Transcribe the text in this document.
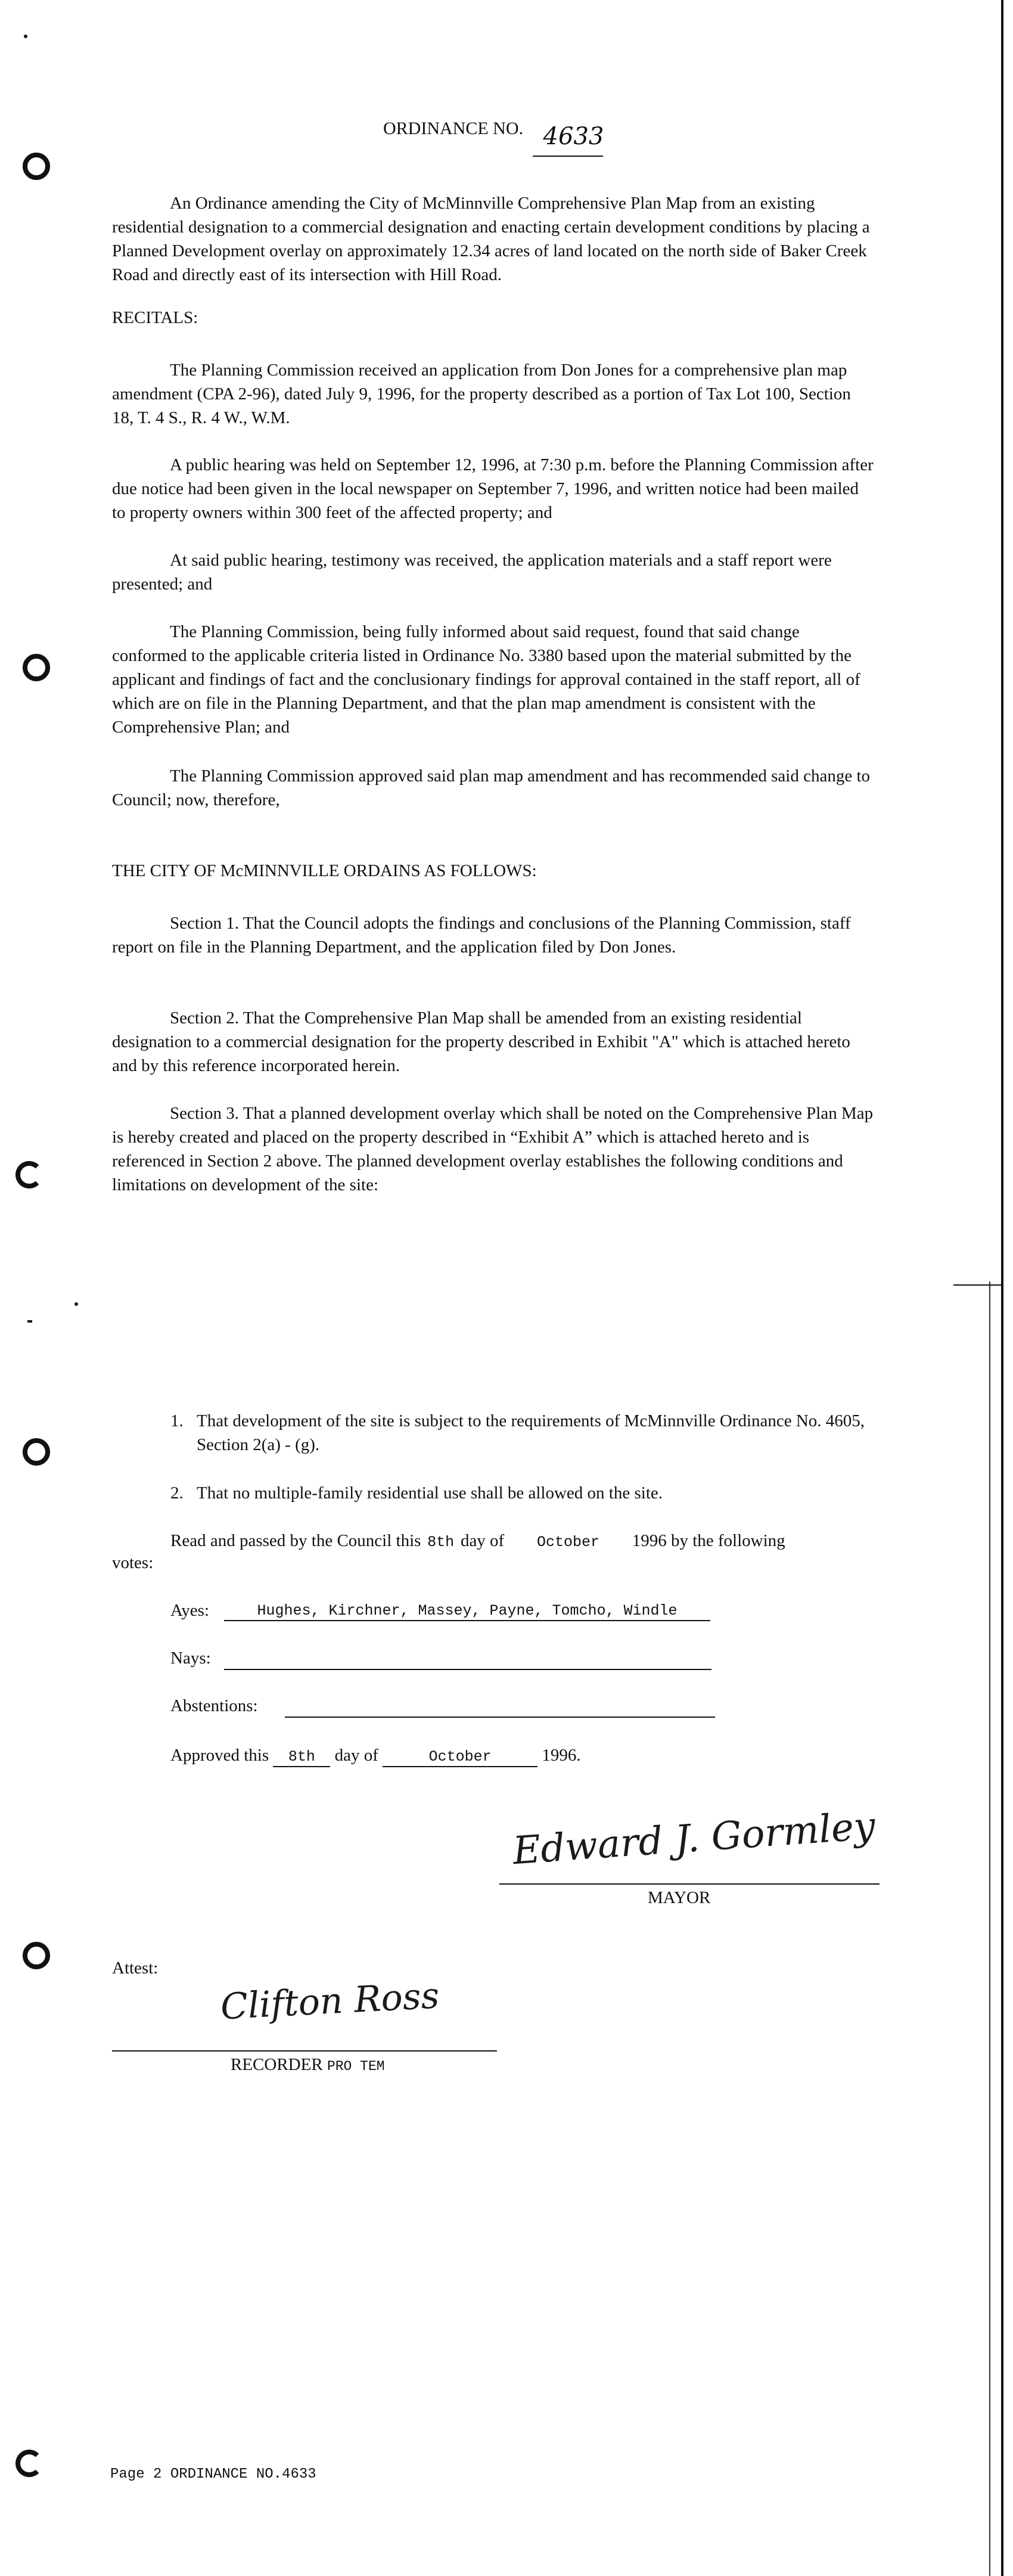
ORDINANCE NO. 4633

An Ordinance amending the City of McMinnville Comprehensive Plan Map from an existing residential designation to a commercial designation and enacting certain development conditions by placing a Planned Development overlay on approximately 12.34 acres of land located on the north side of Baker Creek Road and directly east of its intersection with Hill Road.

RECITALS:

The Planning Commission received an application from Don Jones for a comprehensive plan map amendment (CPA 2-96), dated July 9, 1996, for the property described as a portion of Tax Lot 100, Section 18, T. 4 S., R. 4 W., W.M.

A public hearing was held on September 12, 1996, at 7:30 p.m. before the Planning Commission after due notice had been given in the local newspaper on September 7, 1996, and written notice had been mailed to property owners within 300 feet of the affected property; and

At said public hearing, testimony was received, the application materials and a staff report were presented; and

The Planning Commission, being fully informed about said request, found that said change conformed to the applicable criteria listed in Ordinance No. 3380 based upon the material submitted by the applicant and findings of fact and the conclusionary findings for approval contained in the staff report, all of which are on file in the Planning Department, and that the plan map amendment is consistent with the Comprehensive Plan; and

The Planning Commission approved said plan map amendment and has recommended said change to Council; now, therefore,

THE CITY OF McMINNVILLE ORDAINS AS FOLLOWS:

Section 1. That the Council adopts the findings and conclusions of the Planning Commission, staff report on file in the Planning Department, and the application filed by Don Jones.

Section 2. That the Comprehensive Plan Map shall be amended from an existing residential designation to a commercial designation for the property described in Exhibit "A" which is attached hereto and by this reference incorporated herein.

Section 3. That a planned development overlay which shall be noted on the Comprehensive Plan Map is hereby created and placed on the property described in “Exhibit A” which is attached hereto and is referenced in Section 2 above. The planned development overlay establishes the following conditions and limitations on development of the site:

1. That development of the site is subject to the requirements of McMinnville Ordinance No. 4605, Section 2(a) - (g).
2. That no multiple-family residential use shall be allowed on the site.
Read and passed by the Council this 8th day of October 1996 by the following
votes:
Ayes:	Hughes, Kirchner, Massey, Payne, Tomcho, Windle
Nays:
Abstentions:
Approved this 8th day of	October	1996.
Edward J. Gormley
MAYOR
Attest:
Clifton Ross
RECORDER PRO TEM
Page 2 ORDINANCE NO.4633
